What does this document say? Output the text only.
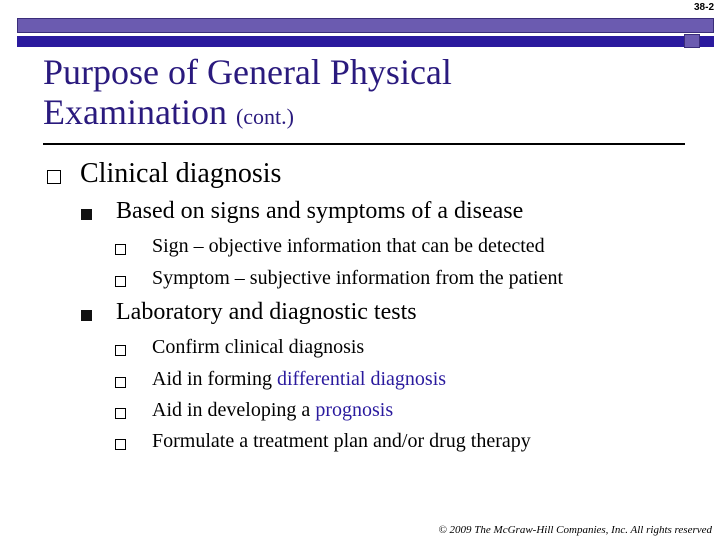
38-2
Purpose of General Physical
Examination (cont.)
Clinical diagnosis
Based on signs and symptoms of a disease
Sign – objective information that can be detected
Symptom – subjective information from the patient
Laboratory and diagnostic tests
Confirm clinical diagnosis
Aid in forming differential diagnosis
Aid in developing a prognosis
Formulate a treatment plan and/or drug therapy
© 2009 The McGraw-Hill Companies, Inc. All rights reserved
